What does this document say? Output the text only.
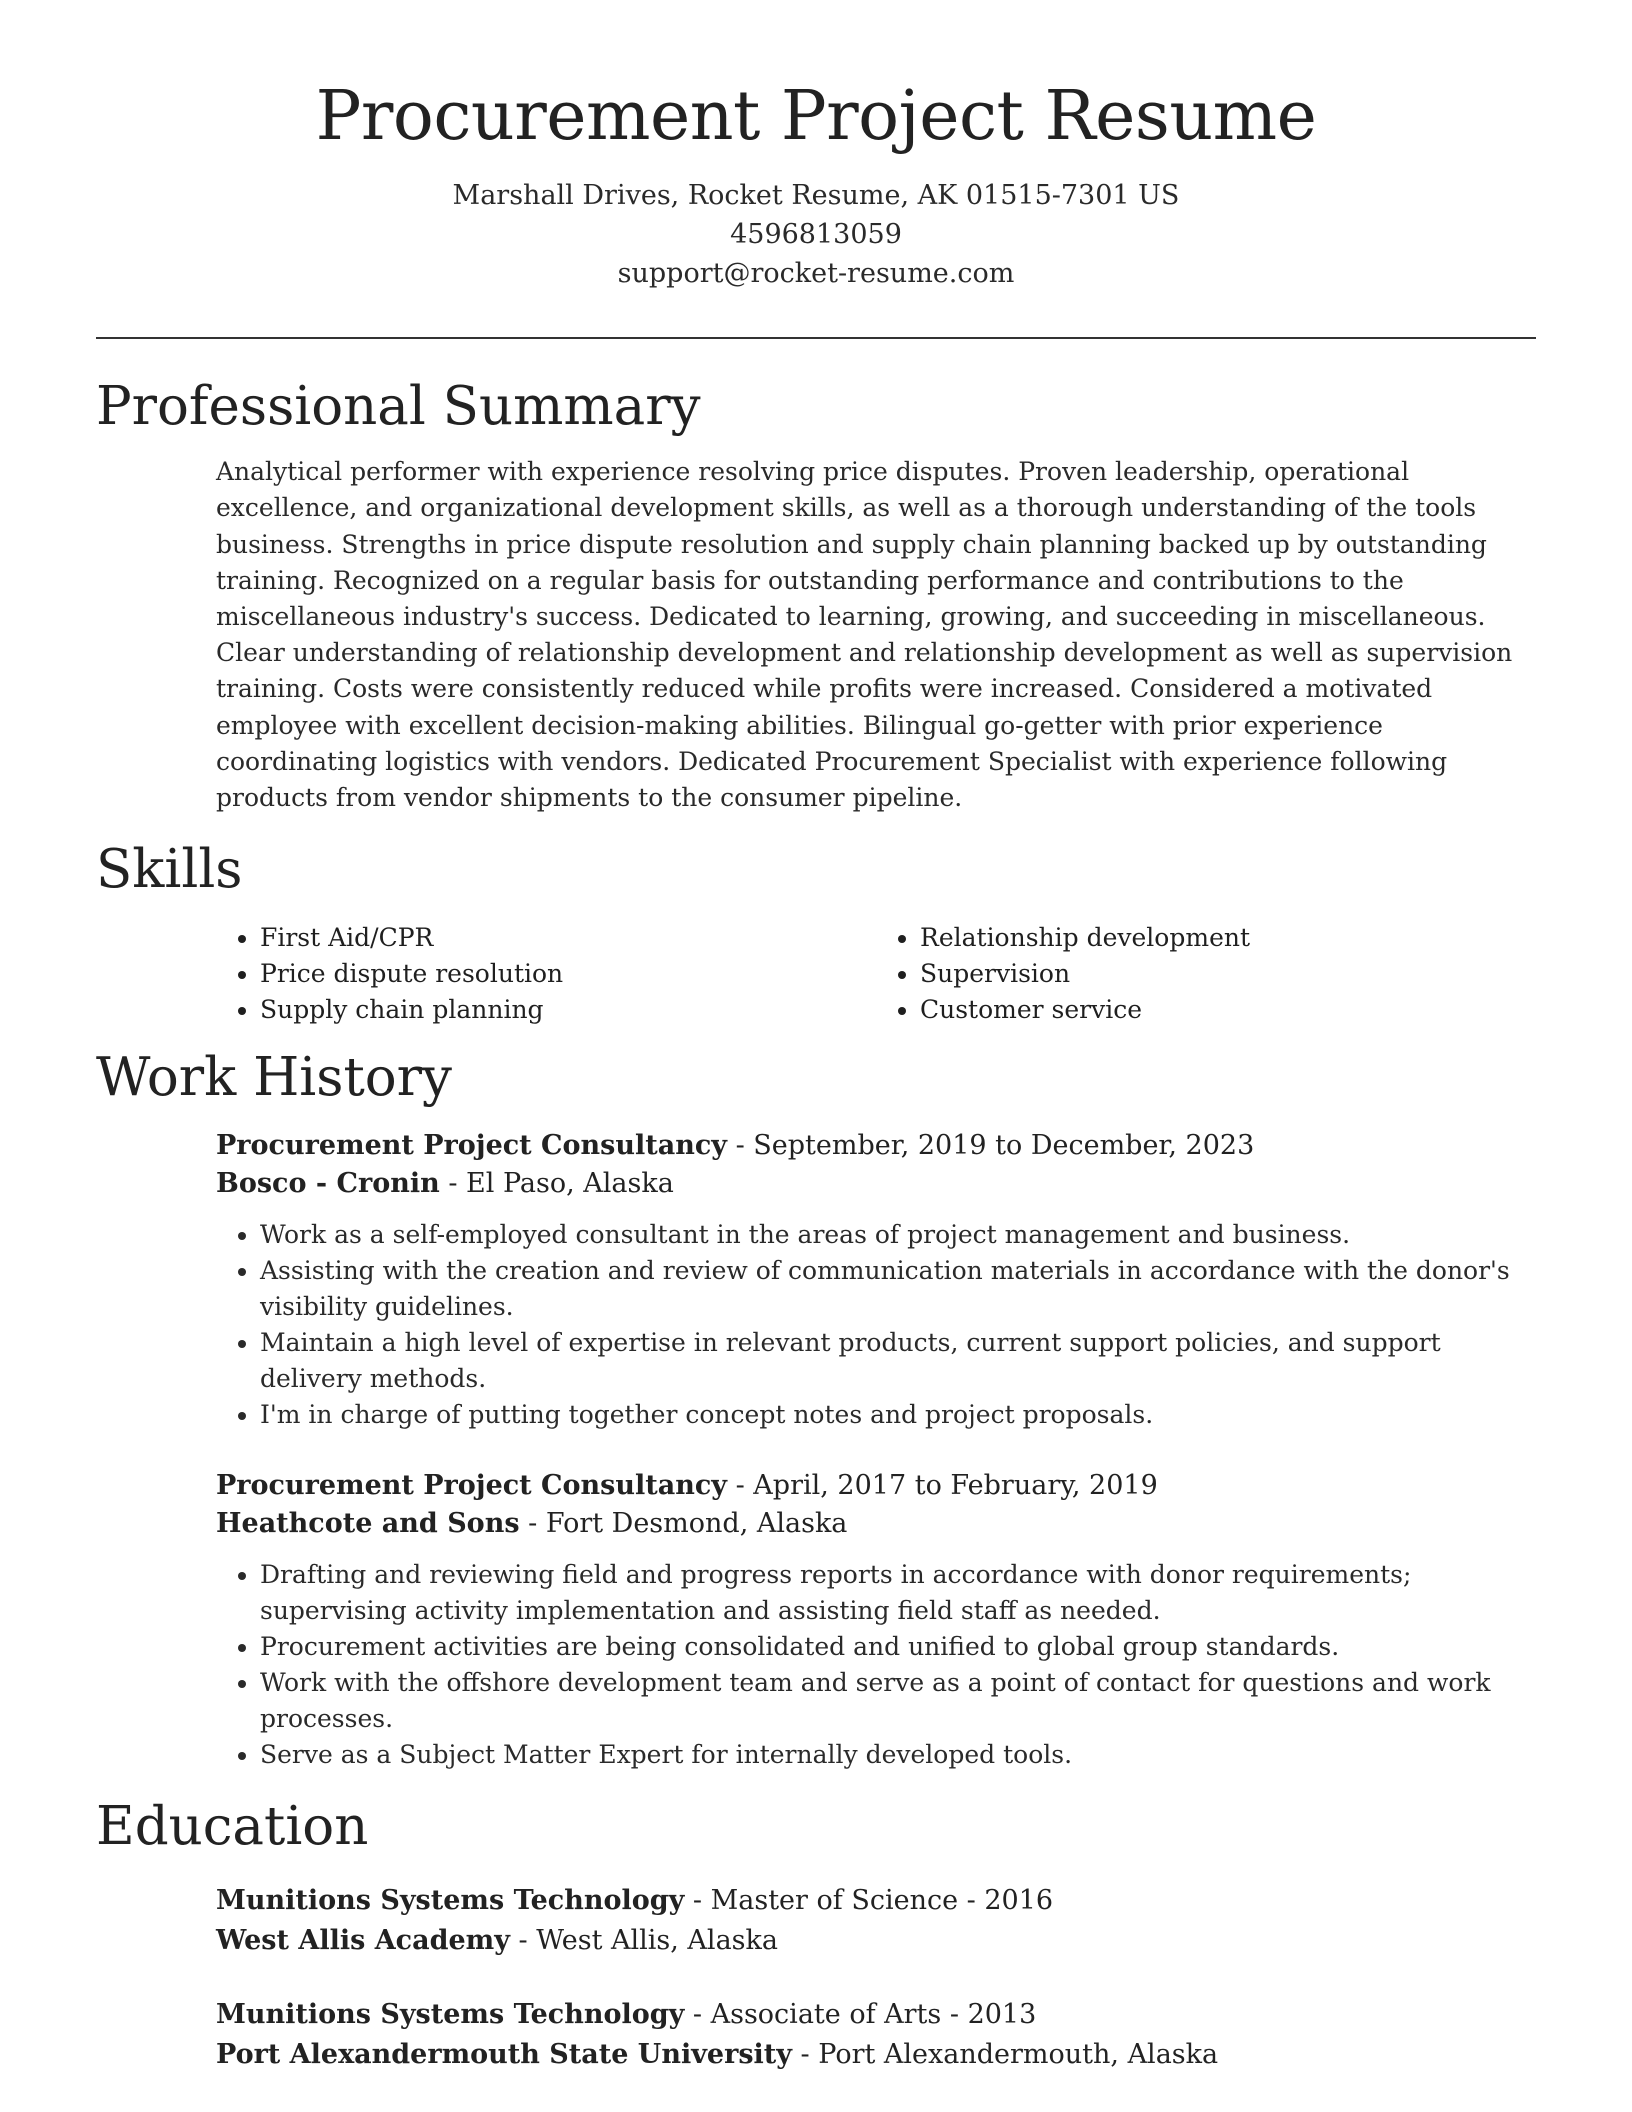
Procurement Project Resume
Marshall Drives, Rocket Resume, AK 01515-7301 US
4596813059
support@rocket-resume.com
Professional Summary

Analytical performer with experience resolving price disputes. Proven leadership, operational excellence, and organizational development skills, as well as a thorough understanding of the tools business. Strengths in price dispute resolution and supply chain planning backed up by outstanding training. Recognized on a regular basis for outstanding performance and contributions to the miscellaneous industry's success. Dedicated to learning, growing, and succeeding in miscellaneous. Clear understanding of relationship development and relationship development as well as supervision training. Costs were consistently reduced while profits were increased. Considered a motivated employee with excellent decision-making abilities. Bilingual go-getter with prior experience coordinating logistics with vendors. Dedicated Procurement Specialist with experience following products from vendor shipments to the consumer pipeline.

Skills
• First Aid/CPR
• Price dispute resolution
• Supply chain planning
• Relationship development
• Supervision
• Customer service
Work History
Procurement Project Consultancy - September, 2019 to December, 2023
Bosco - Cronin - El Paso, Alaska
• Work as a self-employed consultant in the areas of project management and business.
• Assisting with the creation and review of communication materials in accordance with the donor's visibility guidelines.
• Maintain a high level of expertise in relevant products, current support policies, and support delivery methods.
• I'm in charge of putting together concept notes and project proposals.
Procurement Project Consultancy - April, 2017 to February, 2019
Heathcote and Sons - Fort Desmond, Alaska
• Drafting and reviewing field and progress reports in accordance with donor requirements; supervising activity implementation and assisting field staff as needed.
• Procurement activities are being consolidated and unified to global group standards.
• Work with the offshore development team and serve as a point of contact for questions and work processes.
• Serve as a Subject Matter Expert for internally developed tools.
Education
Munitions Systems Technology - Master of Science - 2016
West Allis Academy - West Allis, Alaska
Munitions Systems Technology - Associate of Arts - 2013
Port Alexandermouth State University - Port Alexandermouth, Alaska
